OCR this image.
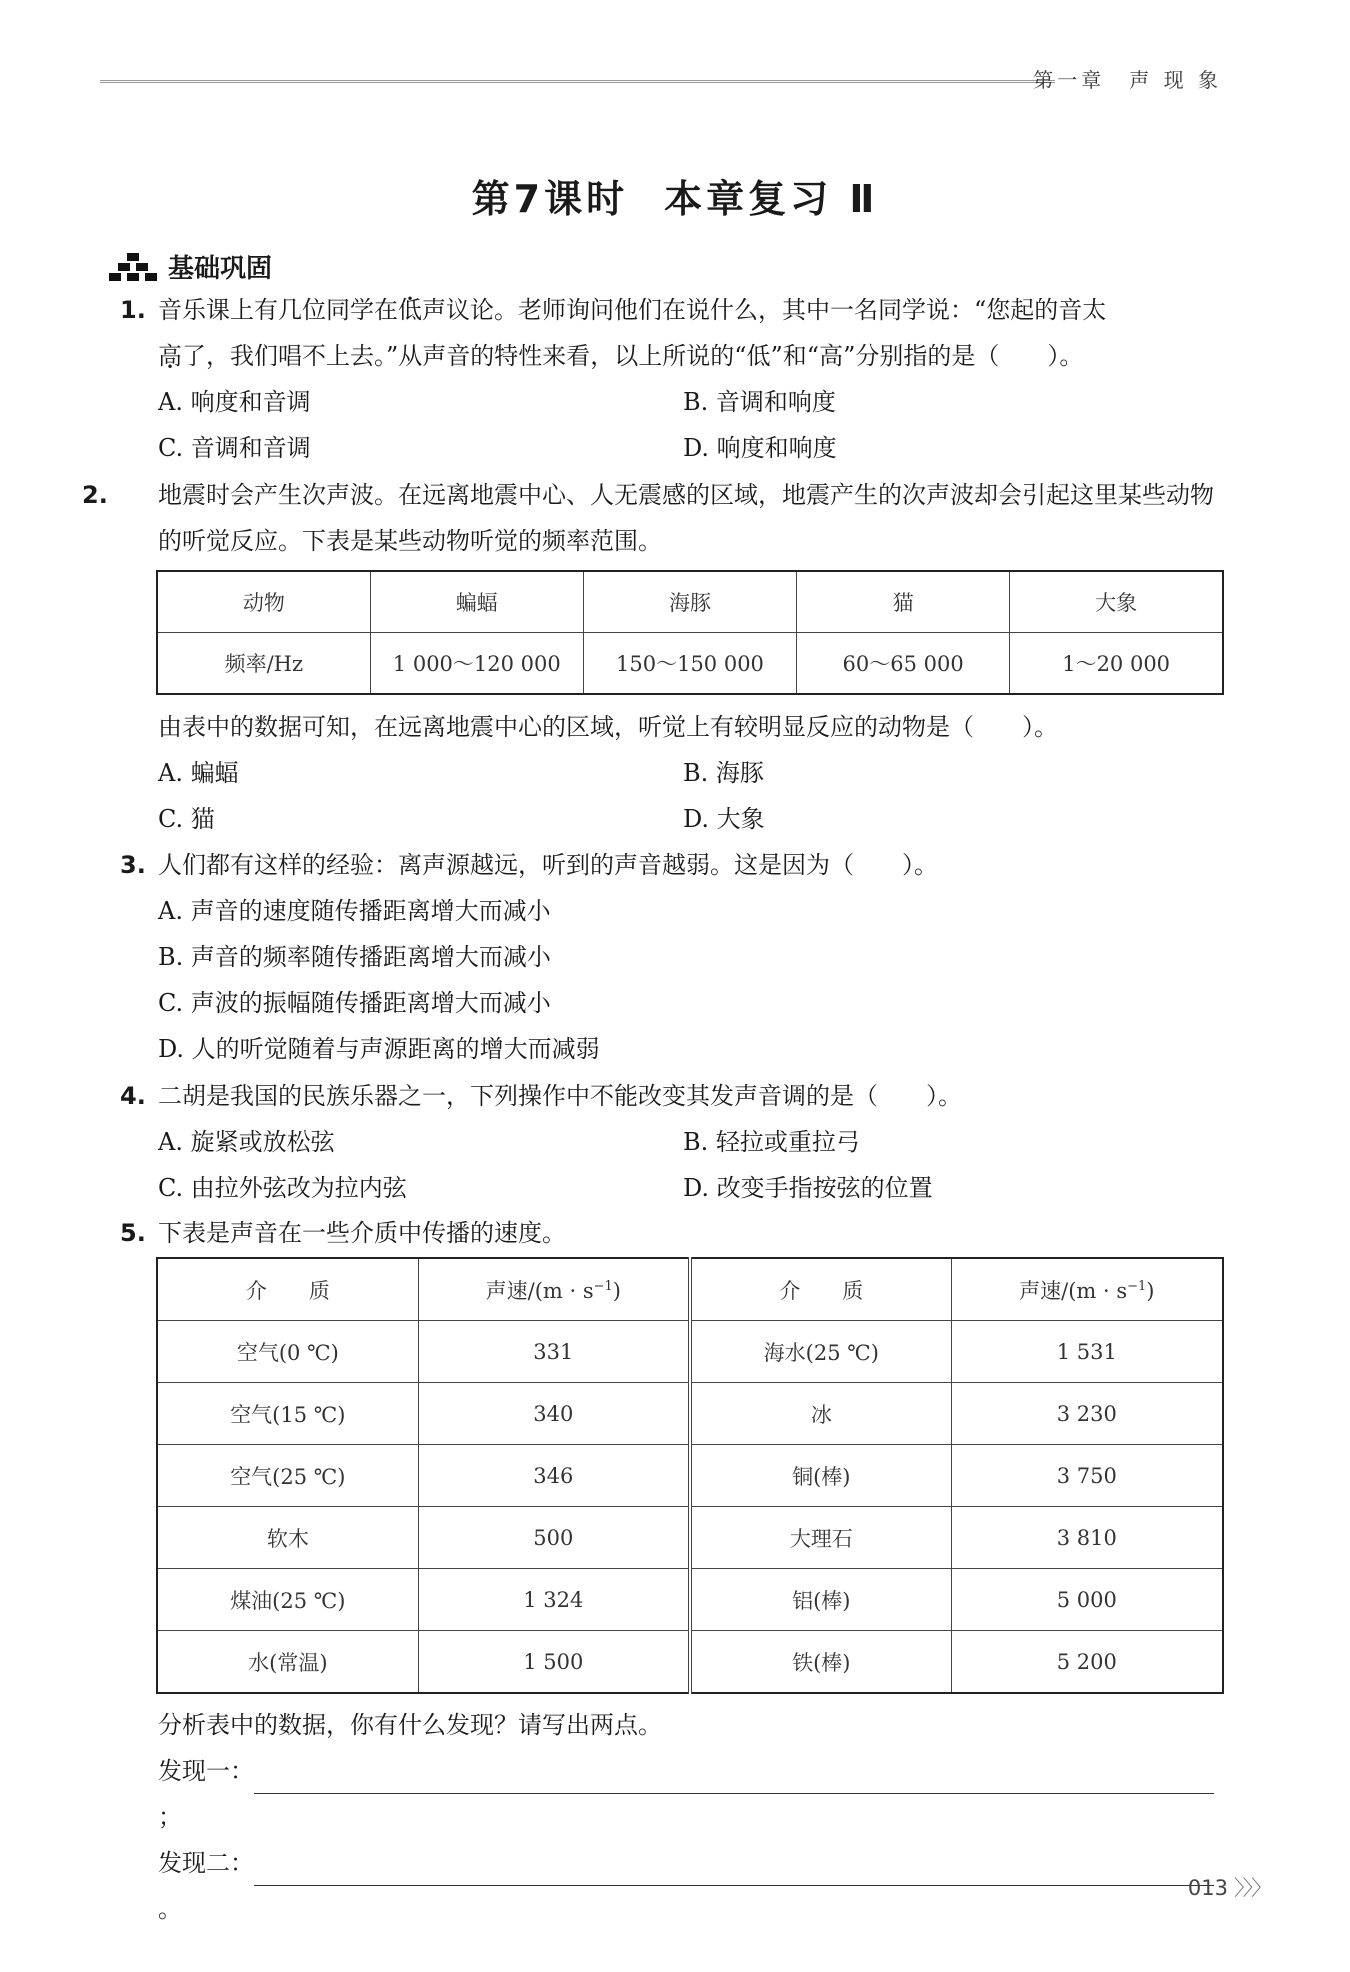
第一章　声 现 象
第7课时 本章复习 Ⅱ
基础巩固
1. 音乐课上有几位同学在低声议论。老师询问他们在说什么，其中一名同学说：“您起的音太
高了，我们唱不上去。”从声音的特性来看，以上所说的“低”和“高”分别指的是（　　）。
A. 响度和音调	B. 音调和响度
C. 音调和音调	D. 响度和响度
2. 地震时会产生次声波。在远离地震中心、人无震感的区域，地震产生的次声波却会引起这里某些动物的听觉反应。下表是某些动物听觉的频率范围。
动物	蝙蝠	海豚	猫	大象
频率/Hz	1 000～120 000	150～150 000	60～65 000	1～20 000
由表中的数据可知，在远离地震中心的区域，听觉上有较明显反应的动物是（　　）。
A. 蝙蝠	B. 海豚
C. 猫	D. 大象
3. 人们都有这样的经验：离声源越远，听到的声音越弱。这是因为（　　）。
A. 声音的速度随传播距离增大而减小
B. 声音的频率随传播距离增大而减小
C. 声波的振幅随传播距离增大而减小
D. 人的听觉随着与声源距离的增大而减弱
4. 二胡是我国的民族乐器之一，下列操作中不能改变其发声音调的是（　　）。
A. 旋紧或放松弦	B. 轻拉或重拉弓
C. 由拉外弦改为拉内弦	D. 改变手指按弦的位置
5. 下表是声音在一些介质中传播的速度。
介　　质	声速$/(m \cdot s^{-1})$	介　　质	声速$/(m \cdot s^{-1})$
空气(0 ℃)	331	海水(25 ℃)	1 531
空气(15 ℃)	340	冰	3 230
空气(25 ℃)	346	铜(棒)	3 750
软木	500	大理石	3 810
煤油(25 ℃)	1 324	铝(棒)	5 000
水(常温)	1 500	铁(棒)	5 200
分析表中的数据，你有什么发现？请写出两点。
发现一：；
发现二：。
013 〉〉〉
